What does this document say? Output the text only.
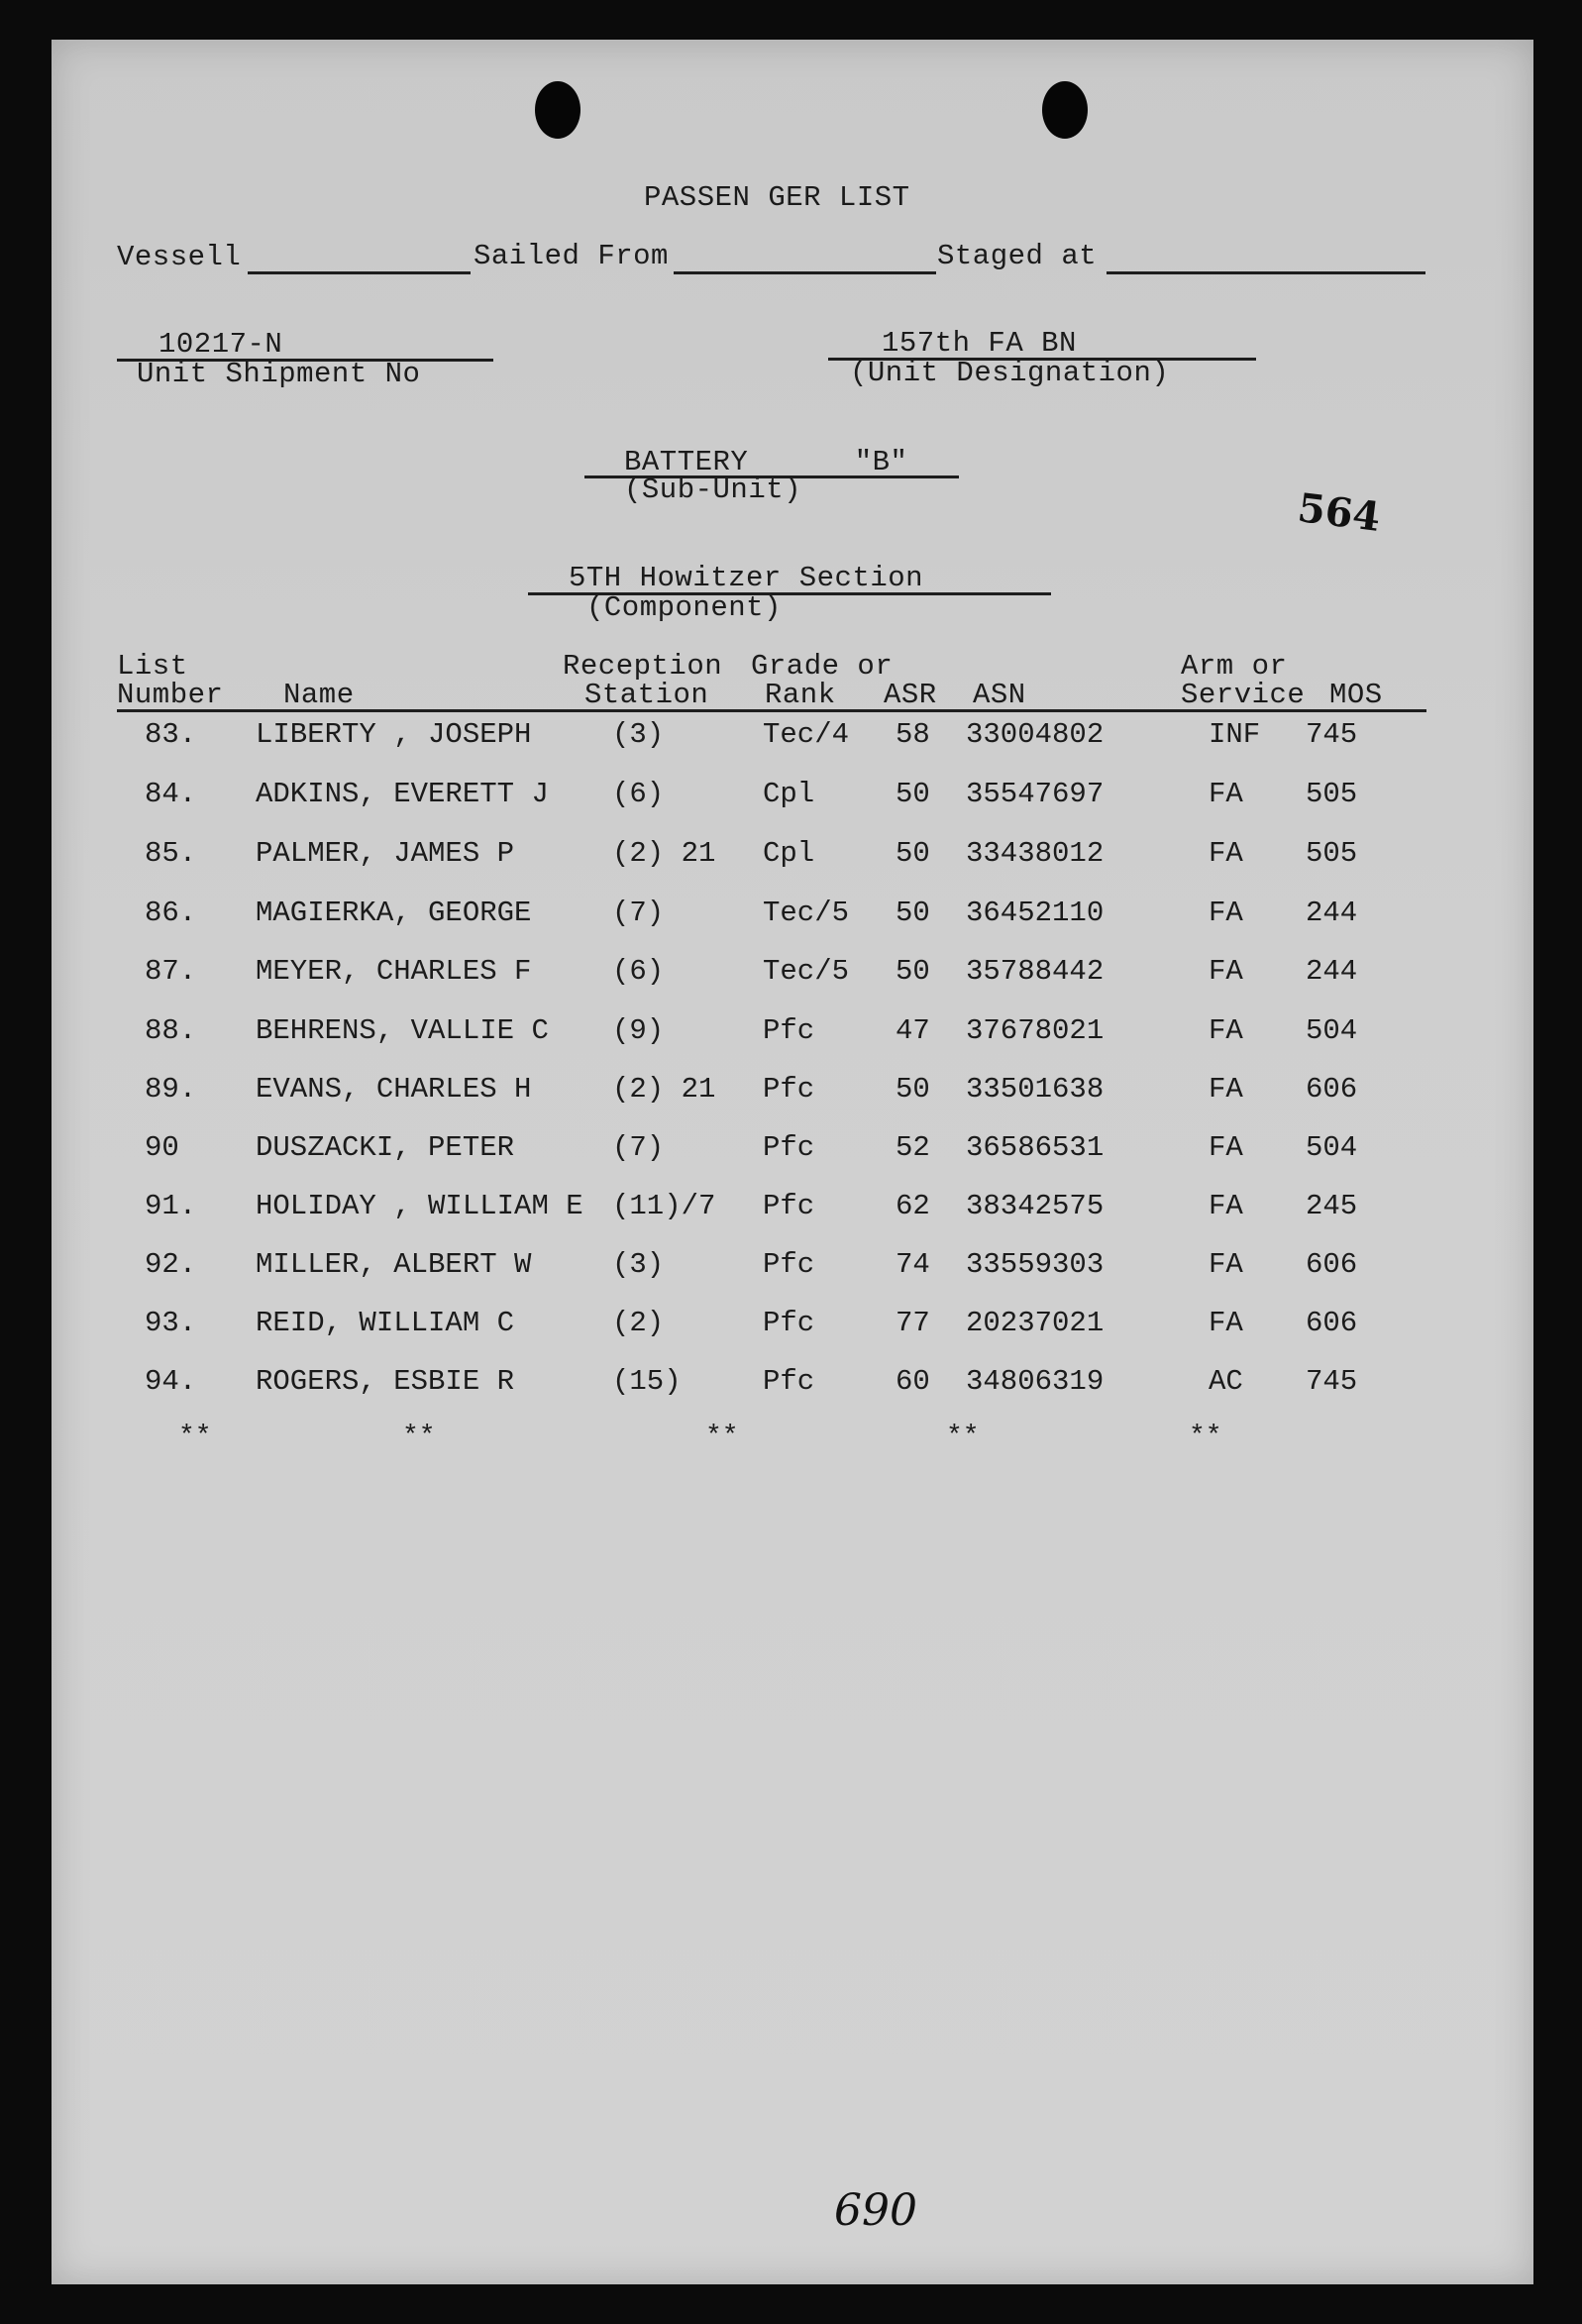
PASSEN GER LIST
Vessell	Sailed From	Staged at
10217-N
Unit Shipment No
157th FA BN
(Unit Designation)
BATTERY      "B"
(Sub-Unit)	564
5TH Howitzer Section
(Component)
List
Number Name
Reception
Station
Grade or
Rank ASR ASN
Arm or
Service MOS
83. LIBERTY , JOSEPH	(3)	Tec/4 58 33004802	INF 745
84. ADKINS, EVERETT J (6)	Cpl	50 35547697	FA 505
85. PALMER, JAMES P	(2) 21 Cpl	50 33438012	FA 505
86. MAGIERKA, GEORGE	(7)	Tec/5 50 36452110	FA 244
87. MEYER, CHARLES F	(6)	Tec/5 50 35788442	FA 244
88. BEHRENS, VALLIE C (9)	Pfc	47 37678021	FA 504
89. EVANS, CHARLES H	(2) 21 Pfc	50 33501638	FA 606
90	DUSZACKI, PETER	(7)	Pfc	52 36586531	FA 504
91. HOLIDAY , WILLIAM E (11)/7 Pfc	62 38342575	FA 245
92. MILLER, ALBERT W	(3)	Pfc	74 33559303	FA 606
93. REID, WILLIAM C	(2)	Pfc	77 20237021	FA 606
94. ROGERS, ESBIE R	(15)	Pfc	60 34806319	AC 745
**	**	**	**	**
690
